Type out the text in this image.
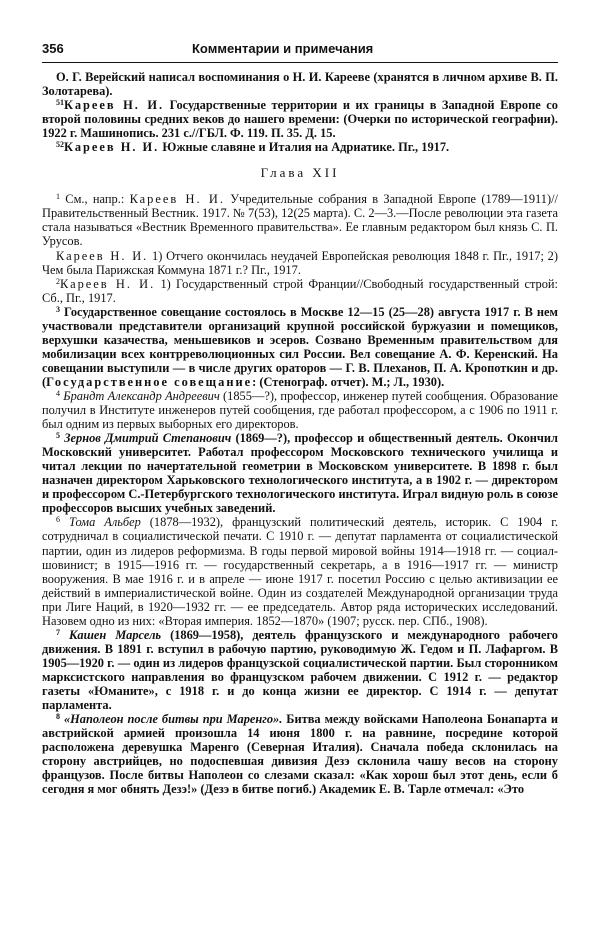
356	Комментарии и примечания

О. Г. Верейский написал воспоминания о Н. И. Карееве (хранятся в личном архиве В. П. Золотарева).

$^{51}$Кареев Н. И. Государственные территории и их границы в Западной Европе со второй половины средних веков до нашего времени: (Очерки по исторической географии). 1922 г. Машинопись. 231 с.//ГБЛ. Ф. 119. П. 35. Д. 15.

$^{52}$Кареев Н. И. Южные славяне и Италия на Адриатике. Пг., 1917.

Глава XII

$^1$ См., напр.: Кареев Н. И. Учредительные собрания в Западной Европе (1789—1911)//Правительственный Вестник. 1917. № 7(53), 12(25 марта). С. 2—3.—После революции эта газета стала называться «Вестник Временного правительства». Ее главным редактором был князь С. П. Урусов.

Кареев Н. И. 1) Отчего окончилась неудачей Европейская революция 1848 г. Пг., 1917; 2) Чем была Парижская Коммуна 1871 г.? Пг., 1917.

$^2$Кареев Н. И. 1) Государственный строй Франции//Свободный государственный строй: Сб., Пг., 1917.

$^3$ Государственное совещание состоялось в Москве 12—15 (25—28) августа 1917 г. В нем участвовали представители организаций крупной российской буржуазии и помещиков, верхушки казачества, меньшевиков и эсеров. Созвано Временным правительством для мобилизации всех контрреволюционных сил России. Вел совещание А. Ф. Керенский. На совещании выступили — в числе других ораторов — Г. В. Плеханов, П. А. Кропоткин и др. (Государственное совещание: (Стенограф. отчет). М.; Л., 1930).

$^4$ Брандт Александр Андреевич (1855—?), профессор, инженер путей сообщения. Образование получил в Институте инженеров путей сообщения, где работал профессором, а с 1906 по 1911 г. был одним из первых выборных его директоров.

$^5$ Зернов Дмитрий Степанович (1869—?), профессор и общественный деятель. Окончил Московский университет. Работал профессором Московского технического училища и читал лекции по начертательной геометрии в Московском университете. В 1898 г. был назначен директором Харьковского технологического института, а в 1902 г. — директором и профессором С.-Петербургского технологического института. Играл видную роль в союзе профессоров высших учебных заведений.

$^6$ Тома Альбер (1878—1932), французский политический деятель, историк. С 1904 г. сотрудничал в социалистической печати. С 1910 г. — депутат парламента от социалистической партии, один из лидеров реформизма. В годы первой мировой войны 1914—1918 гг. — социал-шовинист; в 1915—1916 гг. — государственный секретарь, а в 1916—1917 гг. — министр вооружения. В мае 1916 г. и в апреле — июне 1917 г. посетил Россию с целью активизации ее действий в империалистической войне. Один из создателей Международной организации труда при Лиге Наций, в 1920—1932 гг. — ее председатель. Автор ряда исторических исследований. Назовем одно из них: «Вторая империя. 1852—1870» (1907; русск. пер. СПб., 1908).

$^7$ Кашен Марсель (1869—1958), деятель французского и международного рабочего движения. В 1891 г. вступил в рабочую партию, руководимую Ж. Гедом и П. Лафаргом. В 1905—1920 г. — один из лидеров французской социалистической партии. Был сторонником марксистского направления во французском рабочем движении. С 1912 г. — редактор газеты «Юманите», с 1918 г. и до конца жизни ее директор. С 1914 г. — депутат парламента.

$^8$ «Наполеон после битвы при Маренго». Битва между войсками Наполеона Бонапарта и австрийской армией произошла 14 июня 1800 г. на равнине, посредине которой расположена деревушка Маренго (Северная Италия). Сначала победа склонилась на сторону австрийцев, но подоспевшая дивизия Дезэ склонила чашу весов на сторону французов. После битвы Наполеон со слезами сказал: «Как хорош был этот день, если б сегодня я мог обнять Дезэ!» (Дезэ в битве погиб.) Академик Е. В. Тарле отмечал: «Это
